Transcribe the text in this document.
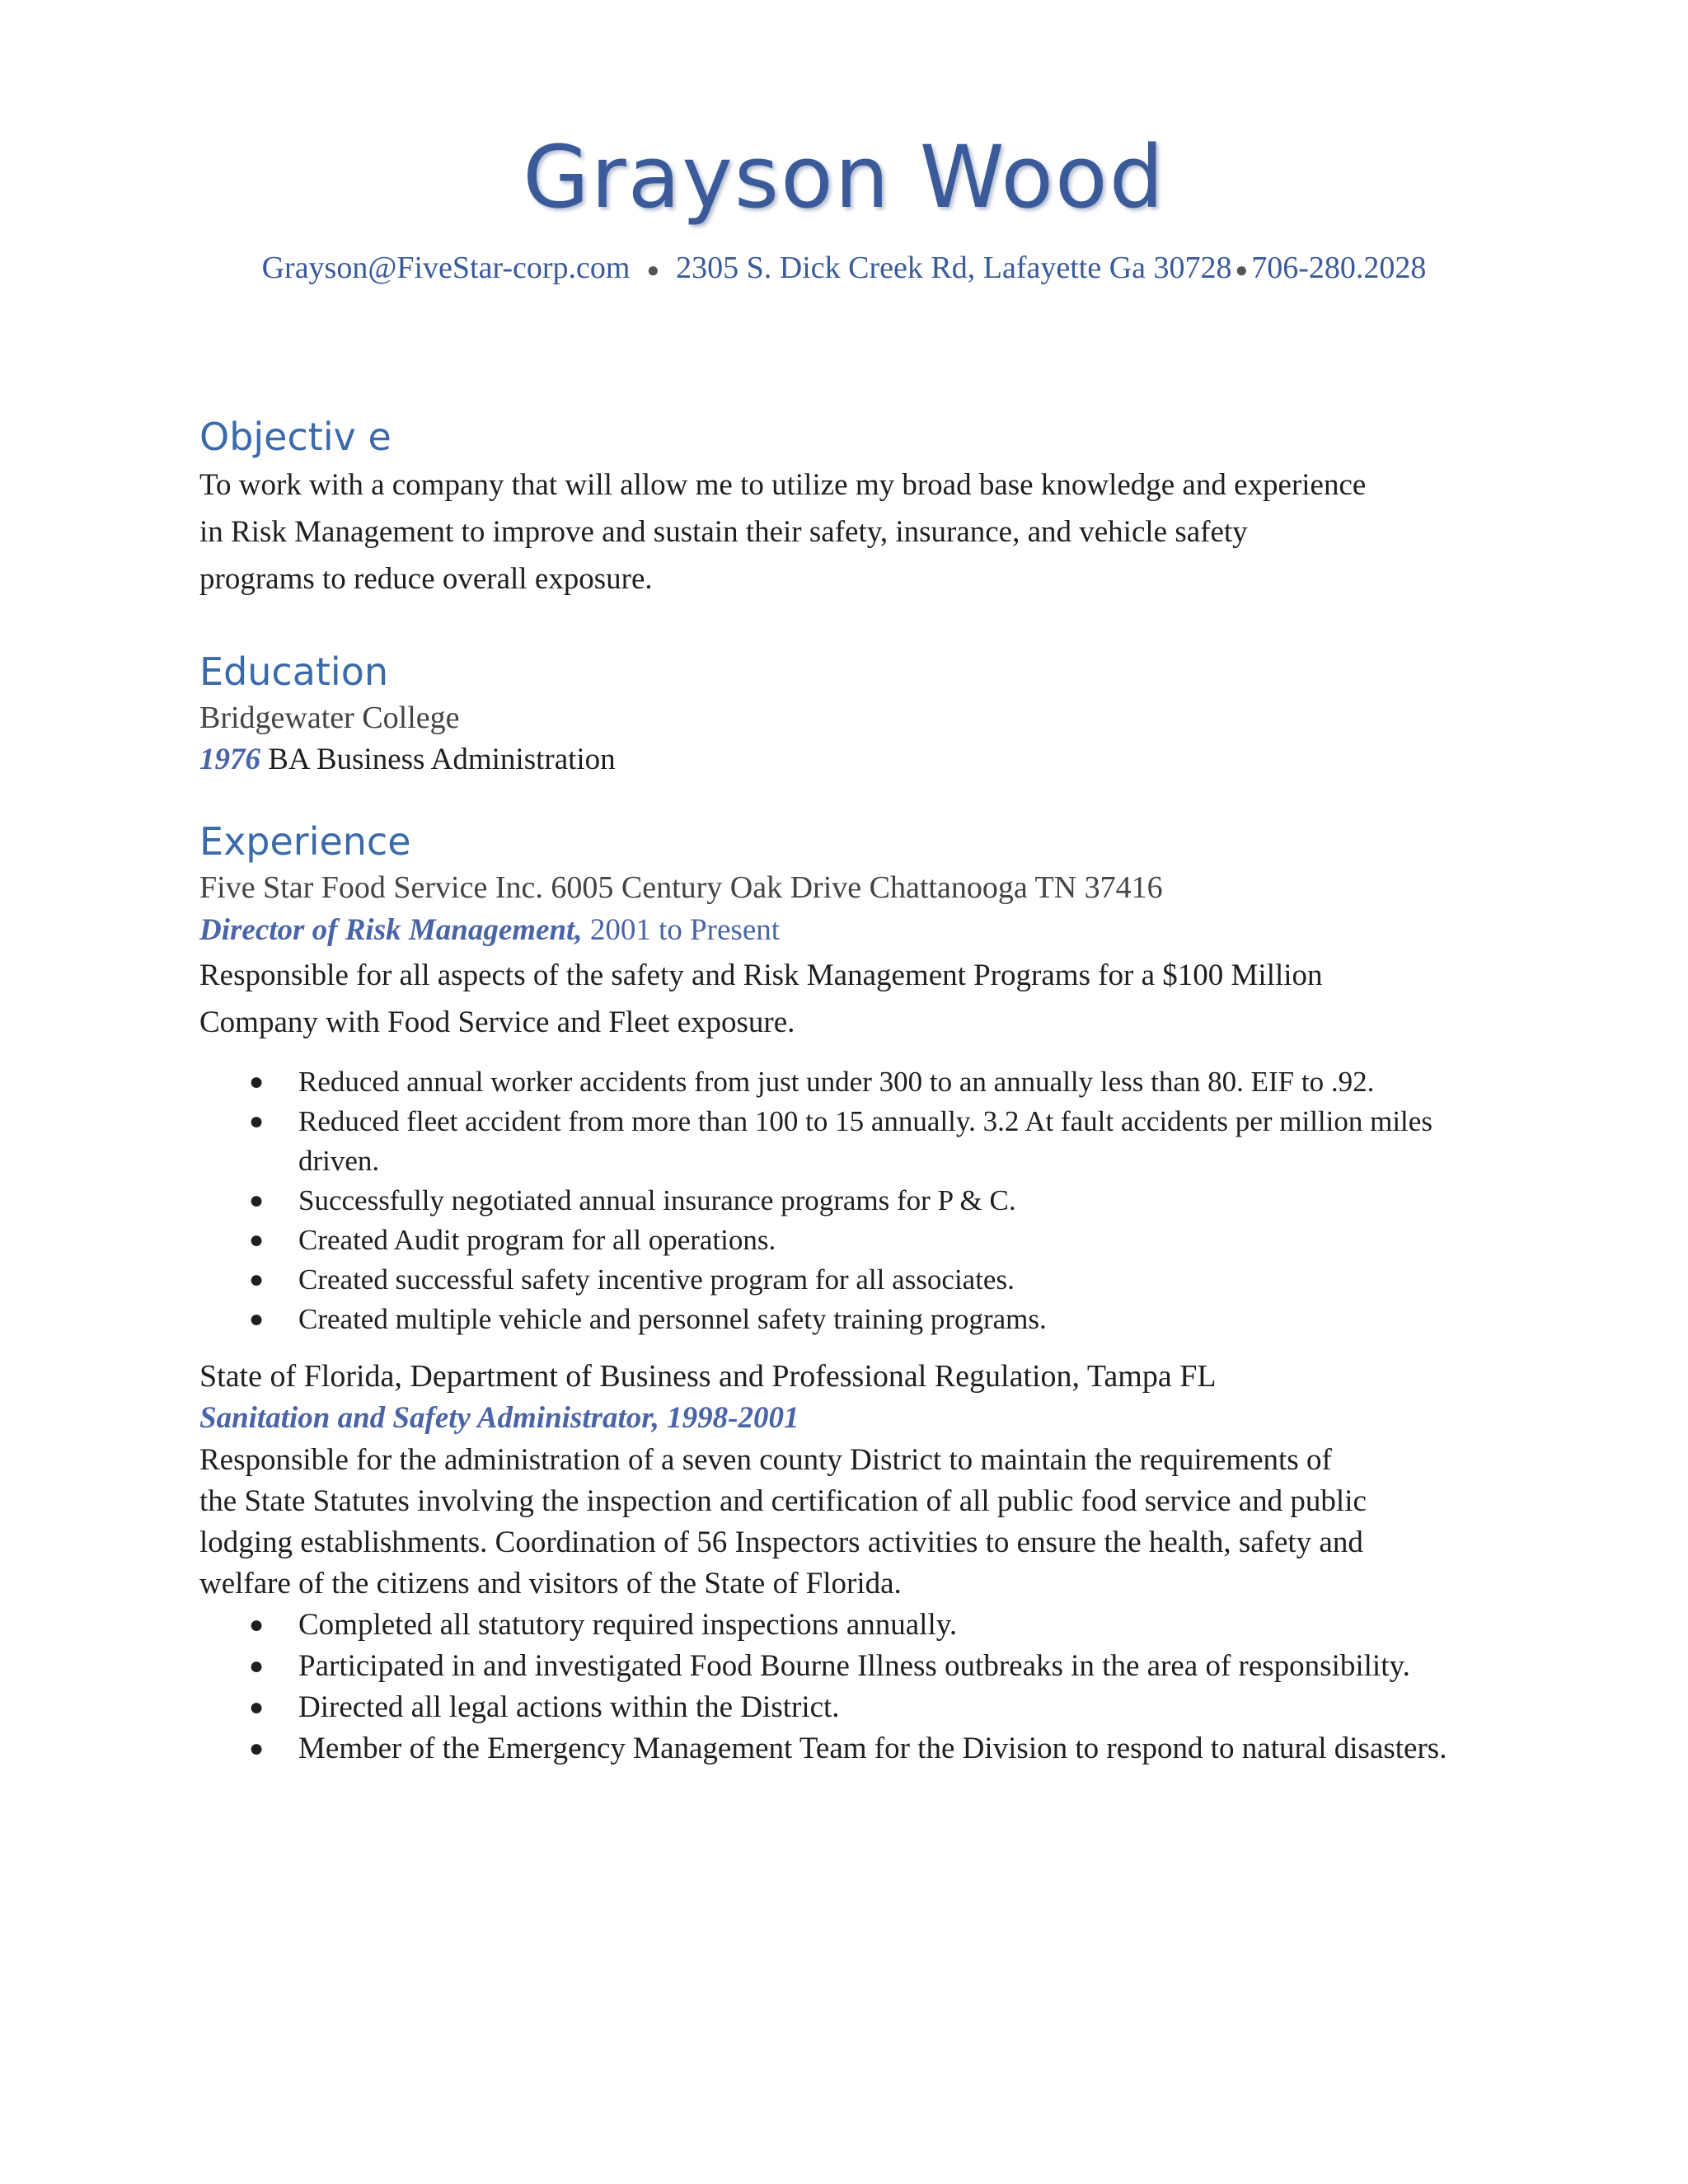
Grayson Wood
Grayson@FiveStar-corp.com ● 2305 S. Dick Creek Rd, Lafayette Ga 30728 ● 706-280.2028
Objectiv e

To work with a company that will allow me to utilize my broad base knowledge and experience

in Risk Management to improve and sustain their safety, insurance, and vehicle safety

programs to reduce overall exposure.

Education

Bridgewater College

1976 BA Business Administration

Experience

Five Star Food Service Inc. 6005 Century Oak Drive Chattanooga TN 37416

Director of Risk Management, 2001 to Present

Responsible for all aspects of the safety and Risk Management Programs for a $100 Million

Company with Food Service and Fleet exposure.

● Reduced annual worker accidents from just under 300 to an annually less than 80. EIF to .92.
● Reduced fleet accident from more than 100 to 15 annually. 3.2 At fault accidents per million miles driven.
● Successfully negotiated annual insurance programs for P & C.
● Created Audit program for all operations.
● Created successful safety incentive program for all associates.
● Created multiple vehicle and personnel safety training programs.

State of Florida, Department of Business and Professional Regulation, Tampa FL

Sanitation and Safety Administrator, 1998-2001

Responsible for the administration of a seven county District to maintain the requirements of

the State Statutes involving the inspection and certification of all public food service and public

lodging establishments. Coordination of 56 Inspectors activities to ensure the health, safety and

welfare of the citizens and visitors of the State of Florida.

● Completed all statutory required inspections annually.
● Participated in and investigated Food Bourne Illness outbreaks in the area of responsibility.
● Directed all legal actions within the District.
● Member of the Emergency Management Team for the Division to respond to natural disasters.
